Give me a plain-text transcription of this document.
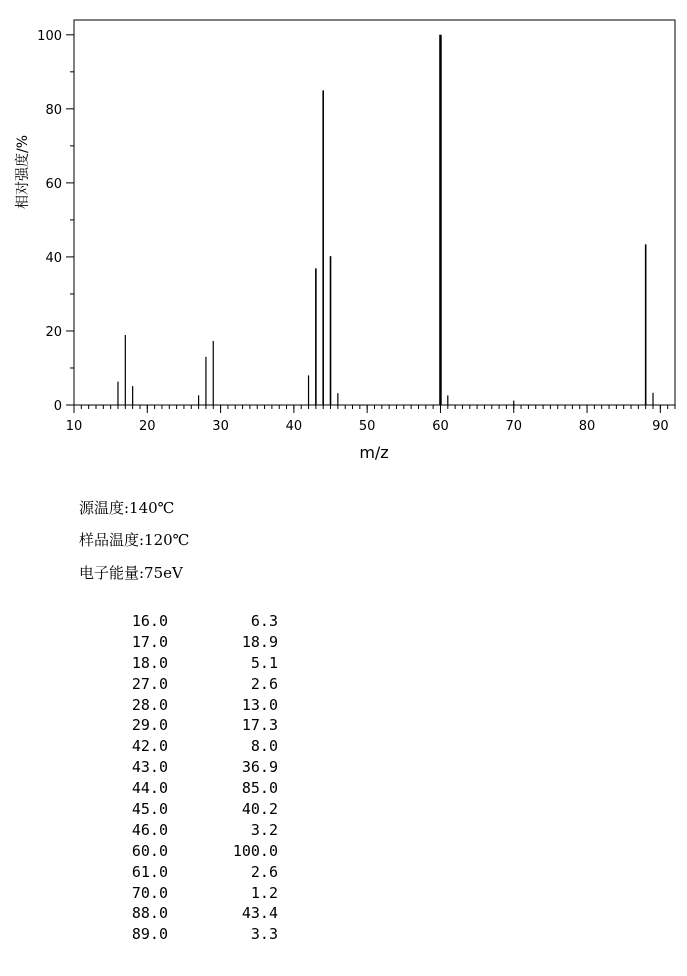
10	20	30	40	50	60	70	80	90
0
20
40
60
80
100
m/z
相对强度/%
源温度:140℃
样品温度:120℃
电子能量:75eV
16.0	6.3
17.0	18.9
18.0	5.1
27.0	2.6
28.0	13.0
29.0	17.3
42.0	8.0
43.0	36.9
44.0	85.0
45.0	40.2
46.0	3.2
60.0	100.0
61.0	2.6
70.0	1.2
88.0	43.4
89.0	3.3
